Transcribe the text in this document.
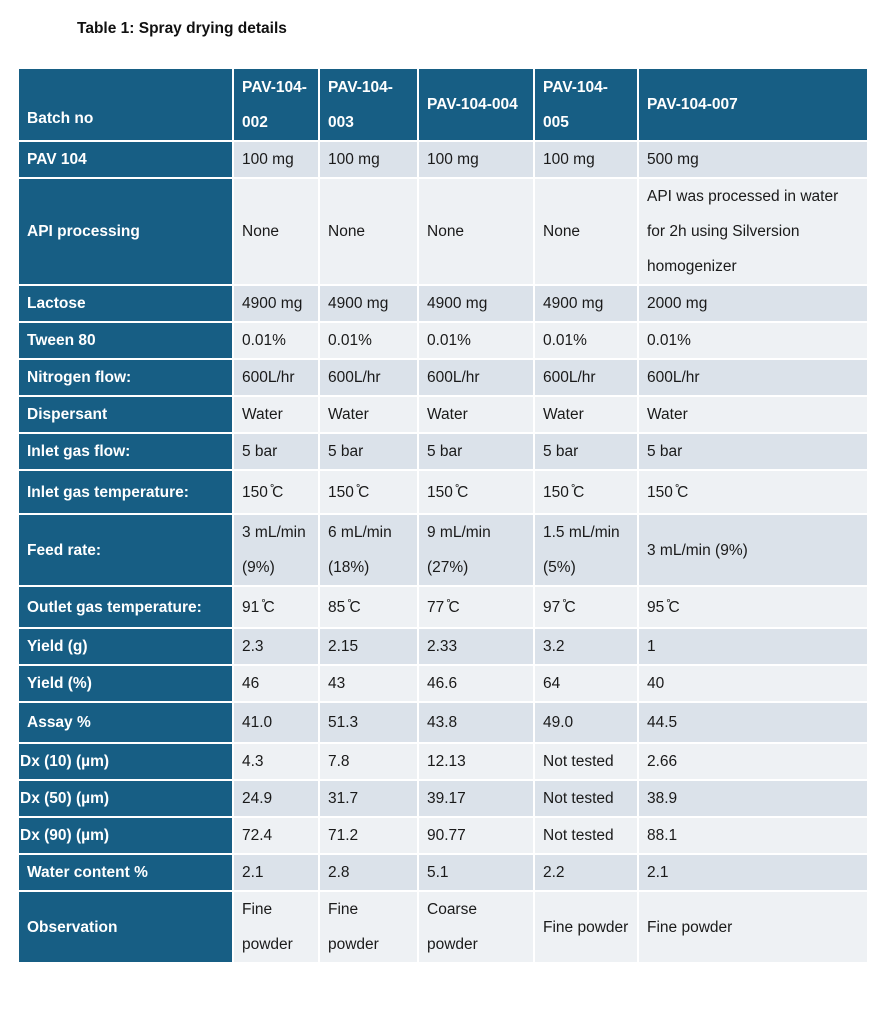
Table 1: Spray drying details
Batch no	PAV-104-002	PAV-104-003	PAV-104-004	PAV-104-005	PAV-104-007
PAV 104	100 mg	100 mg	100 mg	100 mg	500 mg
API processing	None	None	None	None	API was processed in water for 2h using Silversion homogenizer
Lactose	4900 mg	4900 mg	4900 mg	4900 mg	2000 mg
Tween 80	0.01%	0.01%	0.01%	0.01%	0.01%
Nitrogen flow:	600L/hr	600L/hr	600L/hr	600L/hr	600L/hr
Dispersant	Water	Water	Water	Water	Water
Inlet gas flow:	5 bar	5 bar	5 bar	5 bar	5 bar
Inlet gas temperature:	150 ̊C	150 ̊C	150 ̊C	150 ̊C	150 ̊C
Feed rate:	3 mL/min (9%)	6 mL/min (18%)	9 mL/min (27%)	1.5 mL/min (5%)	3 mL/min (9%)
Outlet gas temperature:	91 ̊C	85 ̊C	77 ̊C	97 ̊C	95 ̊C
Yield (g)	2.3	2.15	2.33	3.2	1
Yield (%)	46	43	46.6	64	40
Assay %	41.0	51.3	43.8	49.0	44.5
Dx (10) (µm)	4.3	7.8	12.13	Not tested	2.66
Dx (50) (µm)	24.9	31.7	39.17	Not tested	38.9
Dx (90) (µm)	72.4	71.2	90.77	Not tested	88.1
Water content %	2.1	2.8	5.1	2.2	2.1
Observation	Fine powder	Fine powder	Coarse powder	Fine powder	Fine powder
